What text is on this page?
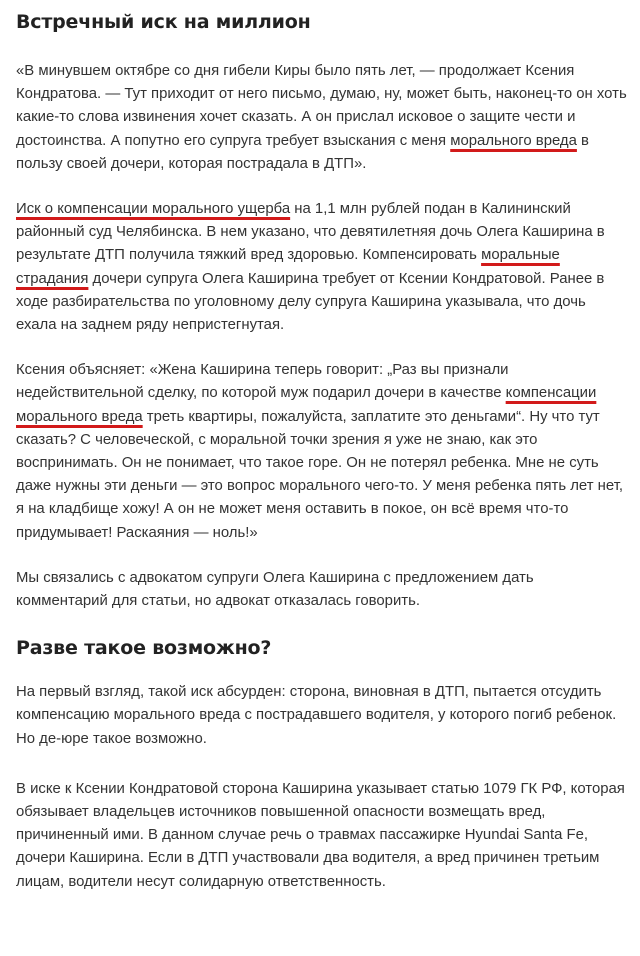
Встречный иск на миллион

«В минувшем октябре со дня гибели Киры было пять лет, — продолжает Ксения Кондратова. — Тут приходит от него письмо, думаю, ну, может быть, наконец-то он хоть какие-то слова извинения хочет сказать. А он прислал исковое о защите чести и достоинства. А попутно его супруга требует взыскания с меня морального вреда в пользу своей дочери, которая пострадала в ДТП».

Иск о компенсации морального ущерба на 1,1 млн рублей подан в Калининский районный суд Челябинска. В нем указано, что девятилетняя дочь Олега Каширина в результате ДТП получила тяжкий вред здоровью. Компенсировать моральные страдания дочери супруга Олега Каширина требует от Ксении Кондратовой. Ранее в ходе разбирательства по уголовному делу супруга Каширина указывала, что дочь ехала на заднем ряду непристегнутая.

Ксения объясняет: «Жена Каширина теперь говорит: „Раз вы признали недействительной сделку, по которой муж подарил дочери в качестве компенсации морального вреда треть квартиры, пожалуйста, заплатите это деньгами“. Ну что тут сказать? С человеческой, с моральной точки зрения я уже не знаю, как это воспринимать. Он не понимает, что такое горе. Он не потерял ребенка. Мне не суть даже нужны эти деньги — это вопрос морального чего-то. У меня ребенка пять лет нет, я на кладбище хожу! А он не может меня оставить в покое, он всё время что-то придумывает! Раскаяния — ноль!»

Мы связались с адвокатом супруги Олега Каширина с предложением дать комментарий для статьи, но адвокат отказалась говорить.

Разве такое возможно?

На первый взгляд, такой иск абсурден: сторона, виновная в ДТП, пытается отсудить компенсацию морального вреда с пострадавшего водителя, у которого погиб ребенок. Но де-юре такое возможно.

В иске к Ксении Кондратовой сторона Каширина указывает статью 1079 ГК РФ, которая обязывает владельцев источников повышенной опасности возмещать вред, причиненный ими. В данном случае речь о травмах пассажирке Hyundai Santa Fe, дочери Каширина. Если в ДТП участвовали два водителя, а вред причинен третьим лицам, водители несут солидарную ответственность.
